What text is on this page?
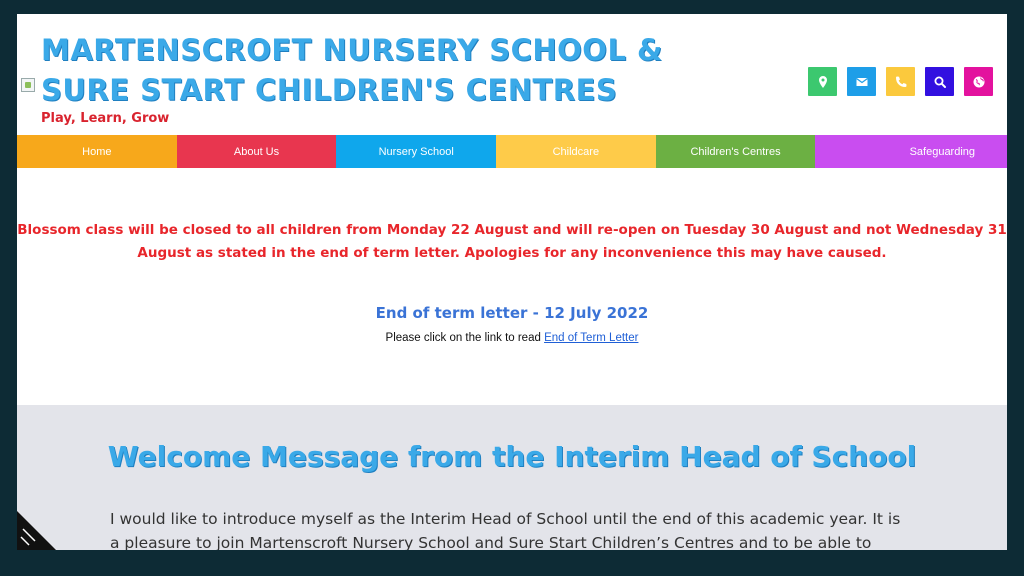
MARTENSCROFT NURSERY SCHOOL & SURE START CHILDREN'S CENTRES

Play, Learn, Grow

Home	About Us	Nursery School	Childcare	Children's Centres	Safeguarding

Blossom class will be closed to all children from Monday 22 August and will re-open on Tuesday 30 August and not Wednesday 31 August as stated in the end of term letter. Apologies for any inconvenience this may have caused.

End of term letter - 12 July 2022

Please click on the link to read End of Term Letter

Welcome Message from the Interim Head of School

I would like to introduce myself as the Interim Head of School until the end of this academic year. It is a pleasure to join Martenscroft Nursery School and Sure Start Children’s Centres and to be able to
